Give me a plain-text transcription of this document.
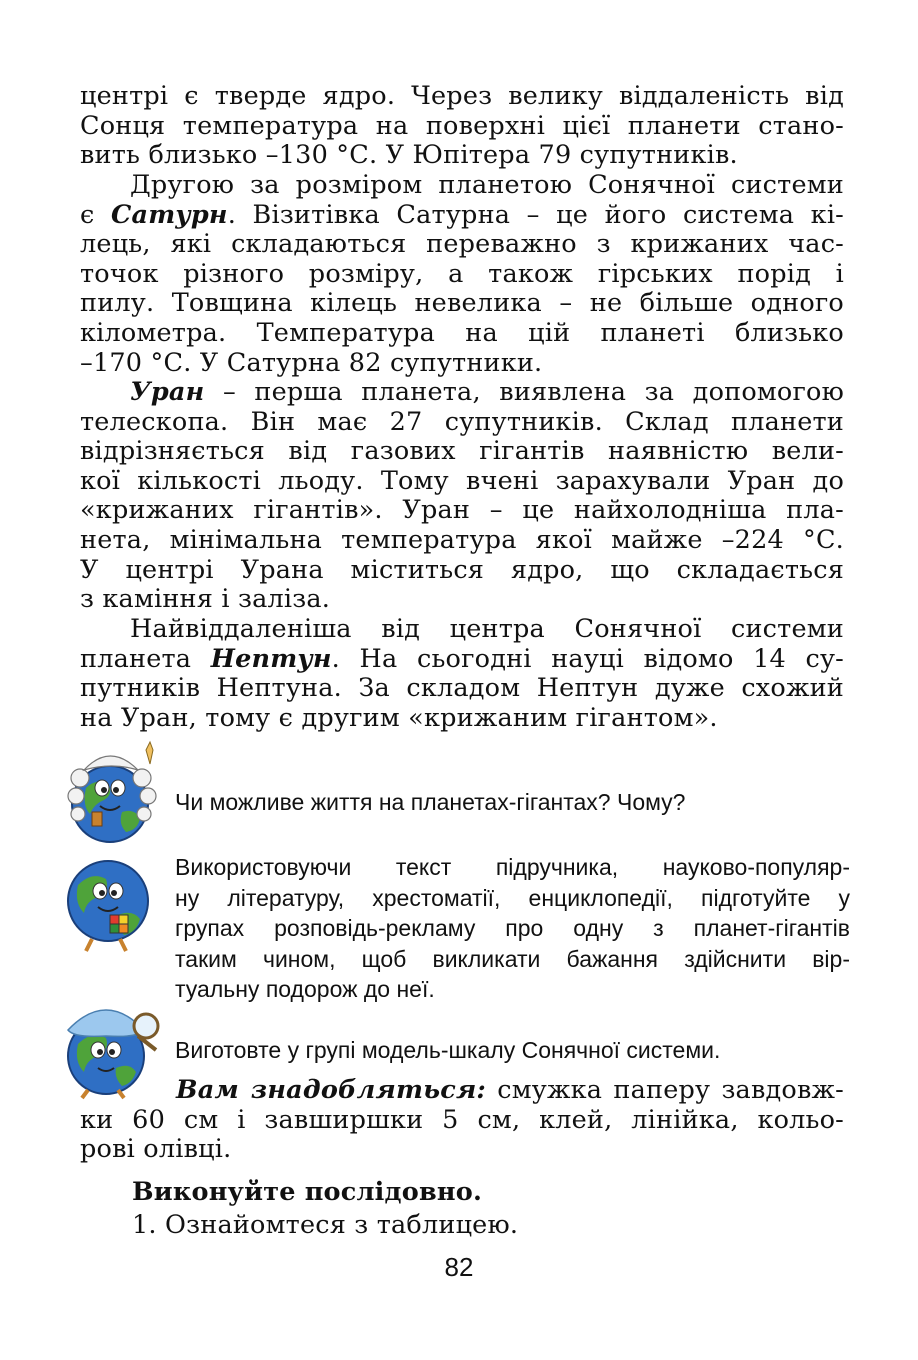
центрі є тверде ядро. Через велику віддаленість від
Сонця температура на поверхні цієї планети стано-
вить близько –130 °С. У Юпітера 79 супутників.
Другою за розміром планетою Сонячної системи
є Сатурн. Візитівка Сатурна – це його система кі-
лець, які складаються переважно з крижаних час-
точок різного розміру, а також гірських порід і
пилу. Товщина кілець невелика – не більше одного
кілометра. Температура на цій планеті близько
–170 °С. У Сатурна 82 супутники.
Уран – перша планета, виявлена за допомогою
телескопа. Він має 27 супутників. Склад планети
відрізняється від газових гігантів наявністю вели-
кої кількості льоду. Тому вчені зарахували Уран до
«крижаних гігантів». Уран – це найхолодніша пла-
нета, мінімальна температура якої майже –224 °С.
У центрі Урана міститься ядро, що складається
з каміння і заліза.
Найвіддаленіша від центра Сонячної системи
планета Нептун. На сьогодні науці відомо 14 су-
путників Нептуна. За складом Нептун дуже схожий
на Уран, тому є другим «крижаним гігантом».
Чи можливе життя на планетах-гігантах? Чому?
Використовуючи текст підручника, науково-популяр-
ну літературу, хрестоматії, енциклопедії, підготуйте у
групах розповідь-рекламу про одну з планет-гігантів
таким чином, щоб викликати бажання здійснити вір-
туальну подорож до неї.
Виготовте у групі модель-шкалу Сонячної системи.
Вам знадобляться: смужка паперу завдовж-
ки 60 см і завширшки 5 см, клей, лінійка, кольо-
рові олівці.
Виконуйте послідовно.
1. Ознайомтеся з таблицею.
82
